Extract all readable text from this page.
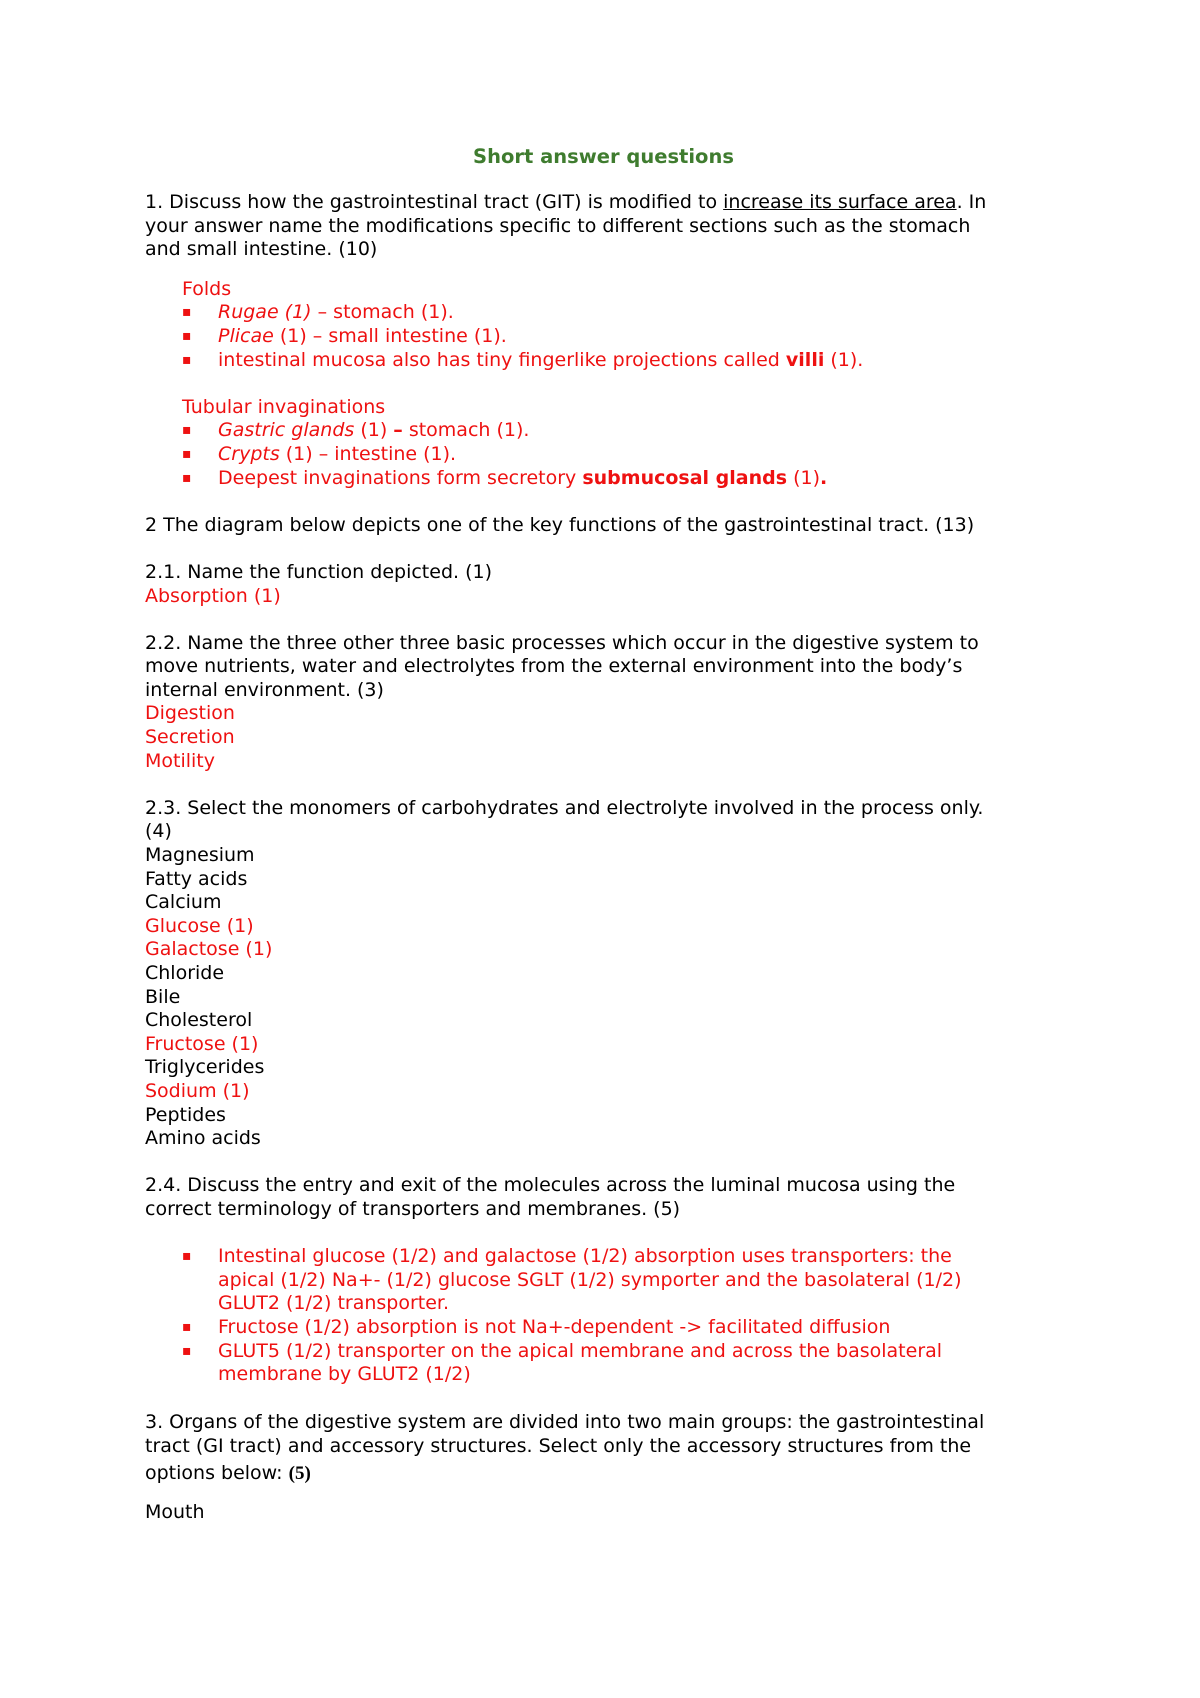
Short answer questions

1. Discuss how the gastrointestinal tract (GIT) is modified to increase its surface area. In

your answer name the modifications specific to different sections such as the stomach

and small intestine. (10)

Folds

▪ Rugae (1) – stomach (1).
▪ Plicae (1) – small intestine (1).
▪ intestinal mucosa also has tiny fingerlike projections called villi (1).

Tubular invaginations

▪ Gastric glands (1) – stomach (1).
▪ Crypts (1) – intestine (1).
▪ Deepest invaginations form secretory submucosal glands (1).

2 The diagram below depicts one of the key functions of the gastrointestinal tract. (13)

2.1. Name the function depicted. (1)

Absorption (1)

2.2. Name the three other three basic processes which occur in the digestive system to

move nutrients, water and electrolytes from the external environment into the body’s

internal environment. (3)

Digestion

Secretion

Motility

2.3. Select the monomers of carbohydrates and electrolyte involved in the process only.

(4)

Magnesium

Fatty acids

Calcium

Glucose (1)

Galactose (1)

Chloride

Bile

Cholesterol

Fructose (1)

Triglycerides

Sodium (1)

Peptides

Amino acids

2.4. Discuss the entry and exit of the molecules across the luminal mucosa using the

correct terminology of transporters and membranes. (5)

▪ Intestinal glucose (1/2) and galactose (1/2) absorption uses transporters: the

apical (1/2) Na+- (1/2) glucose SGLT (1/2) symporter and the basolateral (1/2)

GLUT2 (1/2) transporter.

▪ Fructose (1/2) absorption is not Na+-dependent -> facilitated diffusion
▪ GLUT5 (1/2) transporter on the apical membrane and across the basolateral

membrane by GLUT2 (1/2)

3. Organs of the digestive system are divided into two main groups: the gastrointestinal

tract (GI tract) and accessory structures. Select only the accessory structures from the

options below: (5)

Mouth
